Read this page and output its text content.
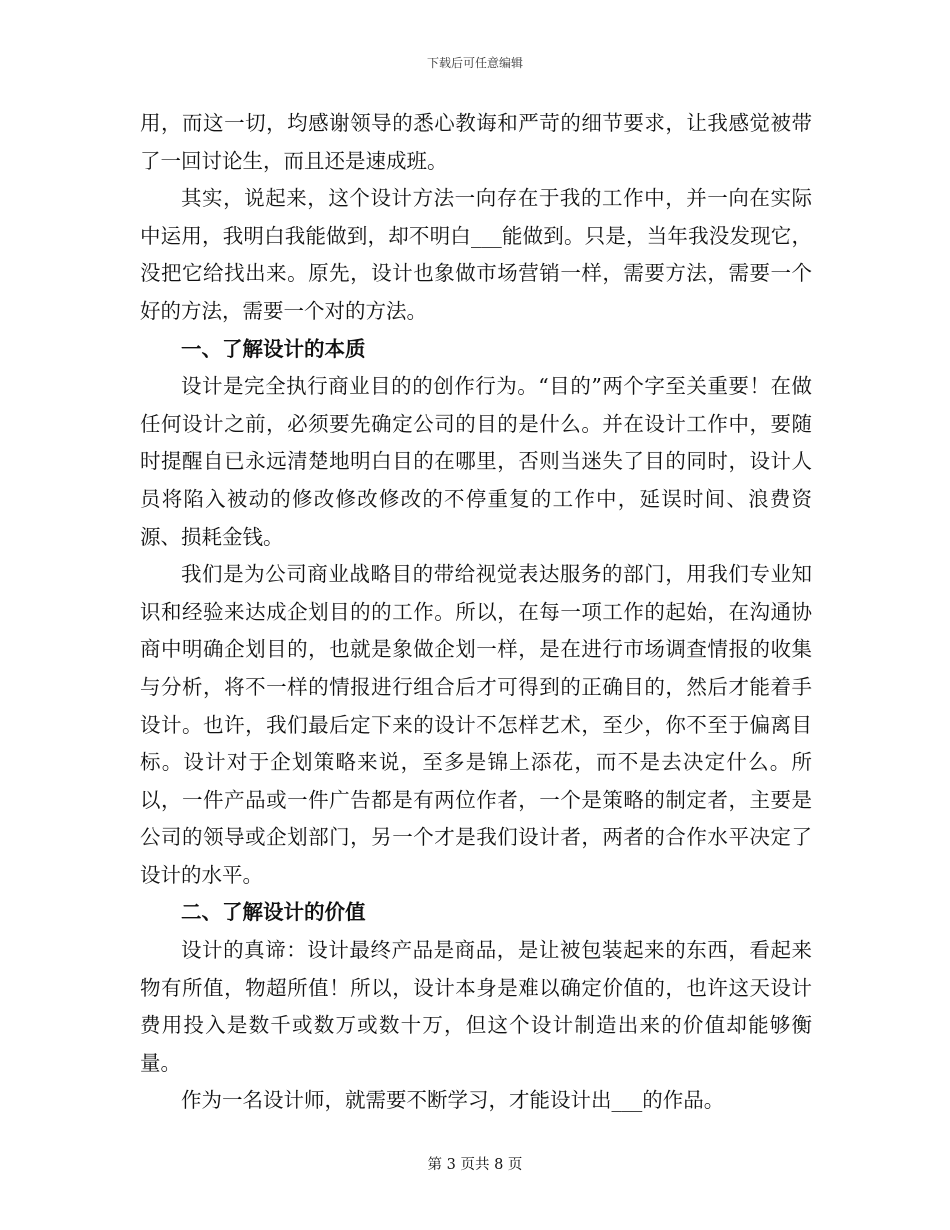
下载后可任意编辑

用，而这一切，均感谢领导的悉心教诲和严苛的细节要求，让我感觉被带了一回讨论生，而且还是速成班。

其实，说起来，这个设计方法一向存在于我的工作中，并一向在实际中运用，我明白我能做到，却不明白___能做到。只是，当年我没发现它，没把它给找出来。原先，设计也象做市场营销一样，需要方法，需要一个好的方法，需要一个对的方法。

一、了解设计的本质

设计是完全执行商业目的的创作行为。“目的”两个字至关重要！在做任何设计之前，必须要先确定公司的目的是什么。并在设计工作中，要随时提醒自已永远清楚地明白目的在哪里，否则当迷失了目的同时，设计人员将陷入被动的修改修改修改的不停重复的工作中，延误时间、浪费资源、损耗金钱。

我们是为公司商业战略目的带给视觉表达服务的部门，用我们专业知识和经验来达成企划目的的工作。所以，在每一项工作的起始，在沟通协商中明确企划目的，也就是象做企划一样，是在进行市场调查情报的收集与分析，将不一样的情报进行组合后才可得到的正确目的，然后才能着手设计。也许，我们最后定下来的设计不怎样艺术，至少，你不至于偏离目标。设计对于企划策略来说，至多是锦上添花，而不是去决定什么。所以，一件产品或一件广告都是有两位作者，一个是策略的制定者，主要是公司的领导或企划部门，另一个才是我们设计者，两者的合作水平决定了设计的水平。

二、了解设计的价值

设计的真谛：设计最终产品是商品，是让被包装起来的东西，看起来物有所值，物超所值！所以，设计本身是难以确定价值的，也许这天设计费用投入是数千或数万或数十万，但这个设计制造出来的价值却能够衡量。

作为一名设计师，就需要不断学习，才能设计出___的作品。

第 3 页共 8 页
